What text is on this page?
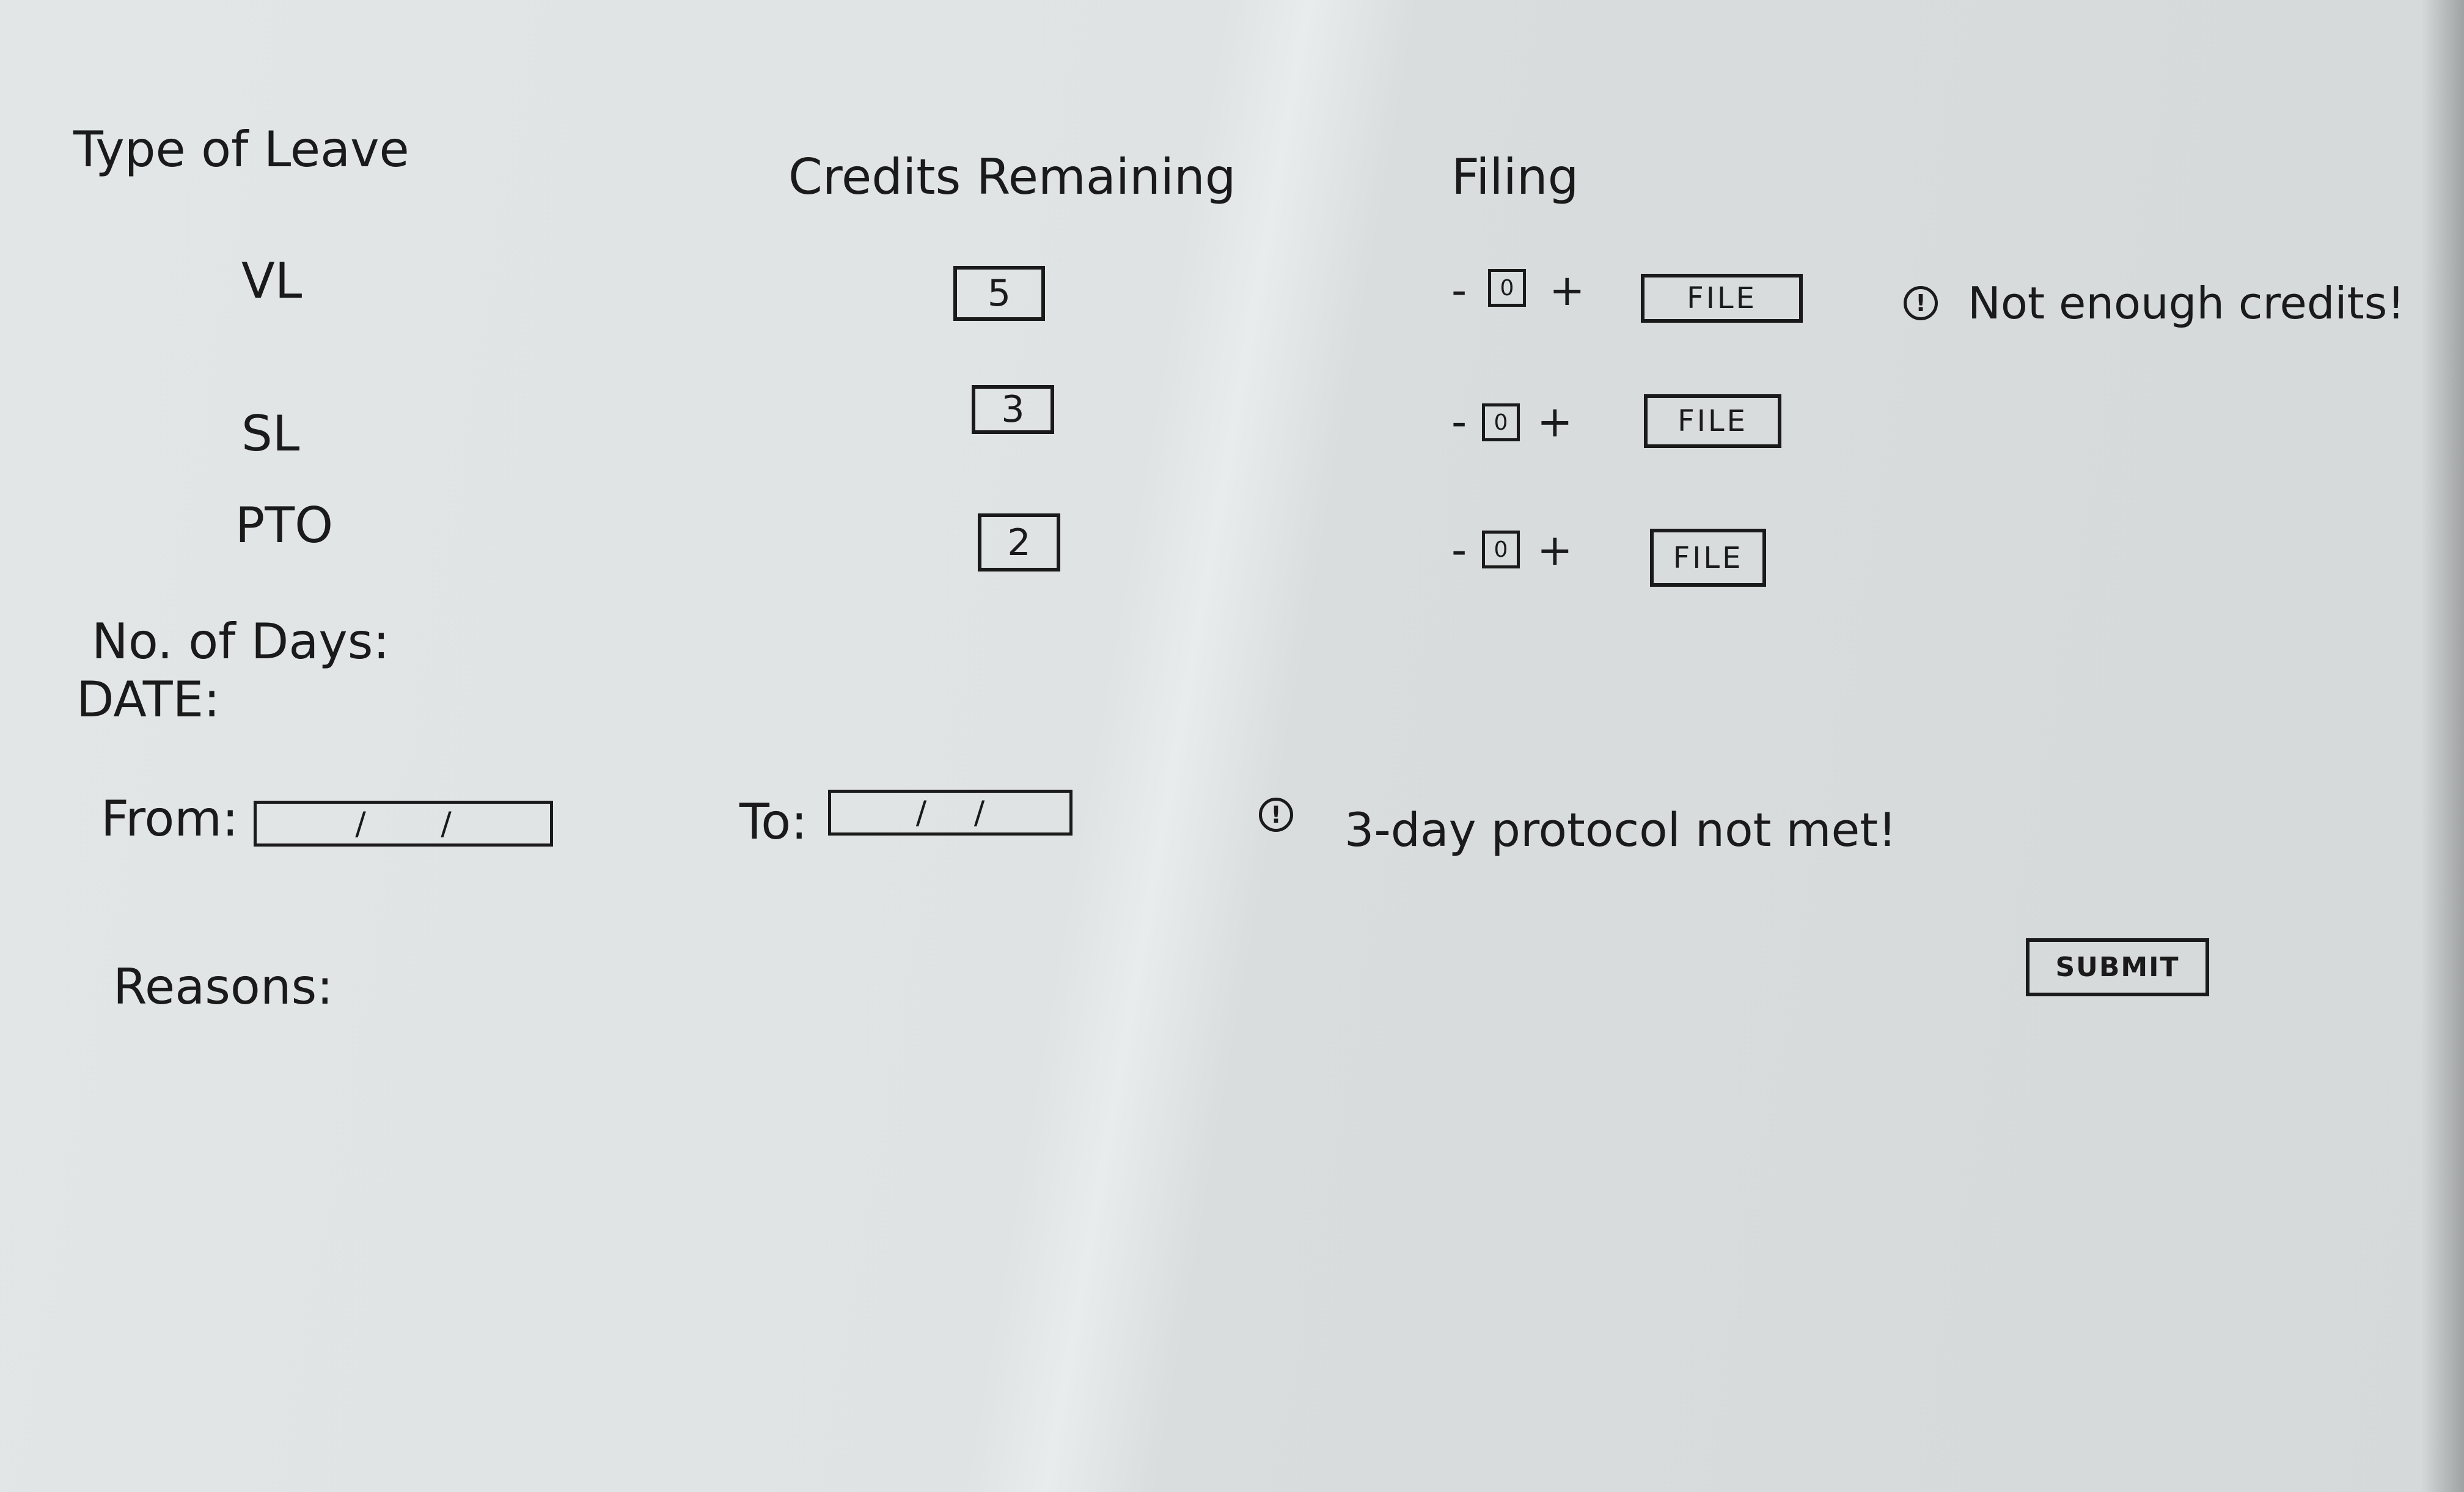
Type of Leave	Credits Remaining	Filing
VL	5	-	0 +	FILE	! Not enough credits!
SL	3	-	0 +	FILE
PTO	2	-	0 +	FILE
No. of Days:
DATE:
From:	/ /	To:	/ /	! 3-day protocol not met!
Reasons:	SUBMIT
